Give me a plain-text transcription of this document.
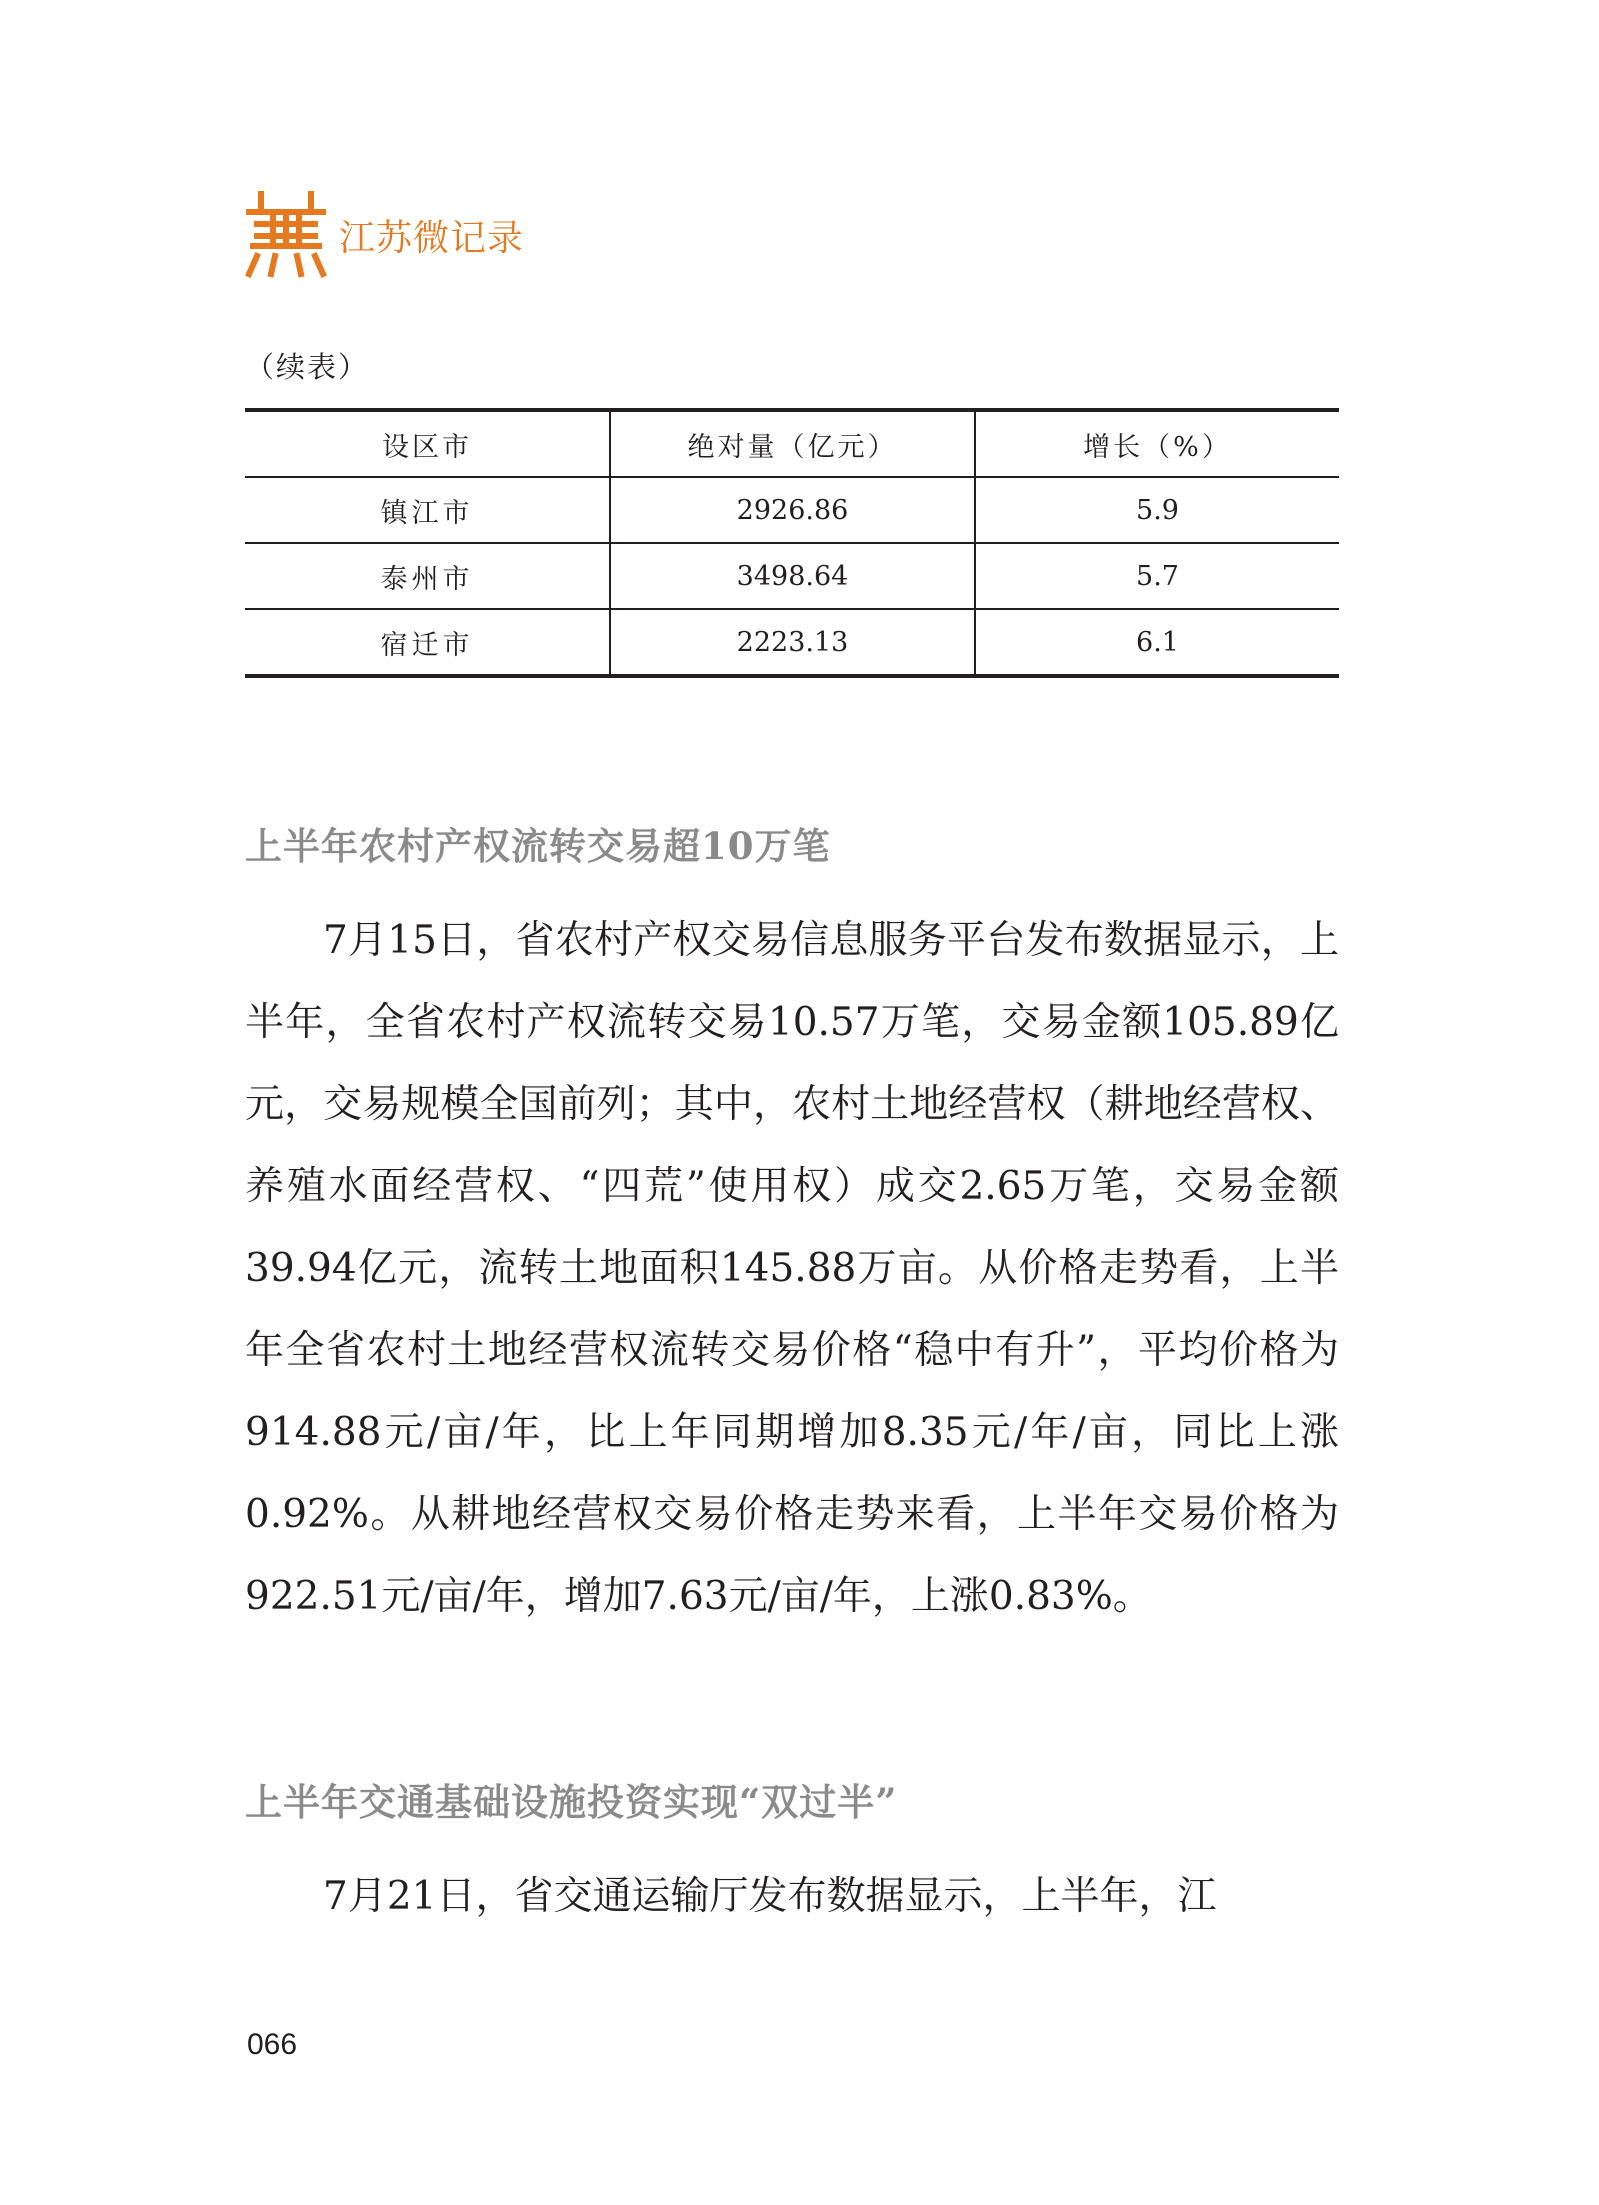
江苏微记录
（续表）
设区市	绝对量（亿元）	增长（%）
镇江市	2926.86	5.9
泰州市	3498.64	5.7
宿迁市	2223.13	6.1
上半年农村产权流转交易超10万笔

7月15日，省农村产权交易信息服务平台发布数据显示，上半年，全省农村产权流转交易10.57万笔，交易金额105.89亿元，交易规模全国前列；其中，农村土地经营权（耕地经营权、养殖水面经营权、“四荒”使用权）成交2.65万笔，交易金额39.94亿元，流转土地面积145.88万亩。从价格走势看，上半年全省农村土地经营权流转交易价格“稳中有升”，平均价格为914.88元/亩/年，比上年同期增加8.35元/年/亩，同比上涨0.92%。从耕地经营权交易价格走势来看，上半年交易价格为922.51元/亩/年，增加7.63元/亩/年，上涨0.83%。

上半年交通基础设施投资实现“双过半”

7月21日，省交通运输厅发布数据显示，上半年，江

066
